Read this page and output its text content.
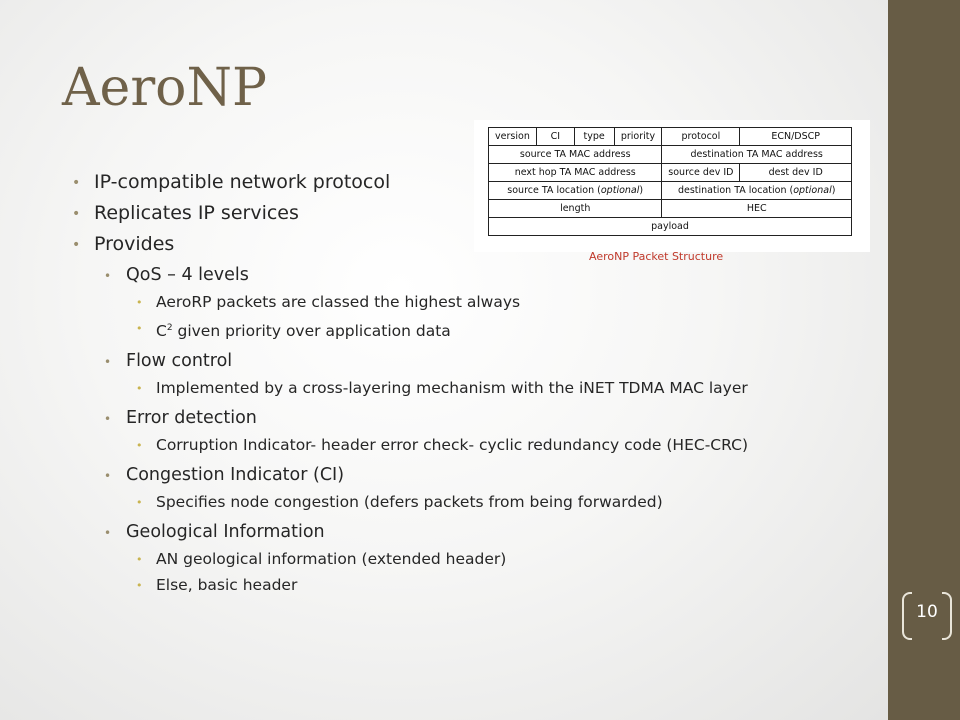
AeroNP
version	CI	type	priority	protocol	ECN/DSCP
source TA MAC address				destination TA MAC address	
next hop TA MAC address				source dev ID	dest dev ID
source TA location (optional)				destination TA location (optional)	
length				HEC	
payload					
AeroNP Packet Structure
• IP-compatible network protocol
• Replicates IP services
• Provides
• QoS – 4 levels
• AeroRP packets are classed the highest always
• $C^2$ given priority over application data
• Flow control
• Implemented by a cross-layering mechanism with the iNET TDMA MAC layer
• Error detection
• Corruption Indicator- header error check- cyclic redundancy code (HEC-CRC)
• Congestion Indicator (CI)
• Specifies node congestion (defers packets from being forwarded)
• Geological Information
• AN geological information (extended header)
• Else, basic header
10
